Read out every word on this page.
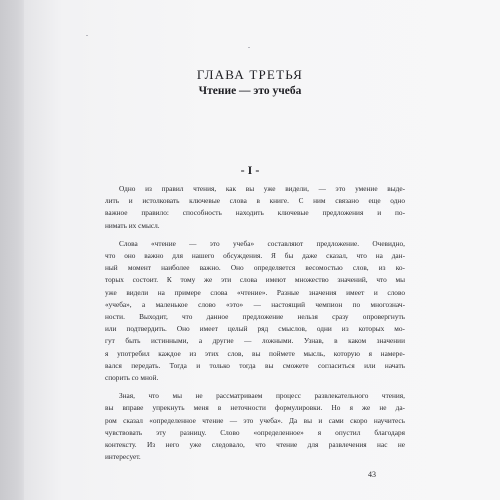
ГЛАВА ТРЕТЬЯ
Чтение — это учеба
- I -
Одно из правил чтения, как вы уже видели, — это умение выде-
лить и истолковать ключевые слова в книге. С ним связано еще одно
важное правило: способность находить ключевые предложения и по-
нимать их смысл.
Слова «чтение — это учеба» составляют предложение. Очевидно,
что оно важно для нашего обсуждения. Я бы даже сказал, что на дан-
ный момент наиболее важно. Оно определяется весомостью слов, из ко-
торых состоит. К тому же эти слова имеют множество значений, что мы
уже видели на примере слова «чтение». Разные значения имеет и слово
«учеба», а маленькое слово «это» — настоящий чемпион по многознач-
ности. Выходит, что данное предложение нельзя сразу опровергнуть
или подтвердить. Оно имеет целый ряд смыслов, одни из которых мо-
гут быть истинными, а другие — ложными. Узнав, в каком значении
я употребил каждое из этих слов, вы поймете мысль, которую я намере-
вался передать. Тогда и только тогда вы сможете согласиться или начать
спорить со мной.
Зная, что мы не рассматриваем процесс развлекательного чтения,
вы вправе упрекнуть меня в неточности формулировки. Но я же не да-
ром сказал «определенное чтение — это учеба». Да вы и сами скоро научитесь
чувствовать эту разницу. Слово «определенное» я опустил благодаря
контексту. Из него уже следовало, что чтение для развлечения нас не
интересует.
43
